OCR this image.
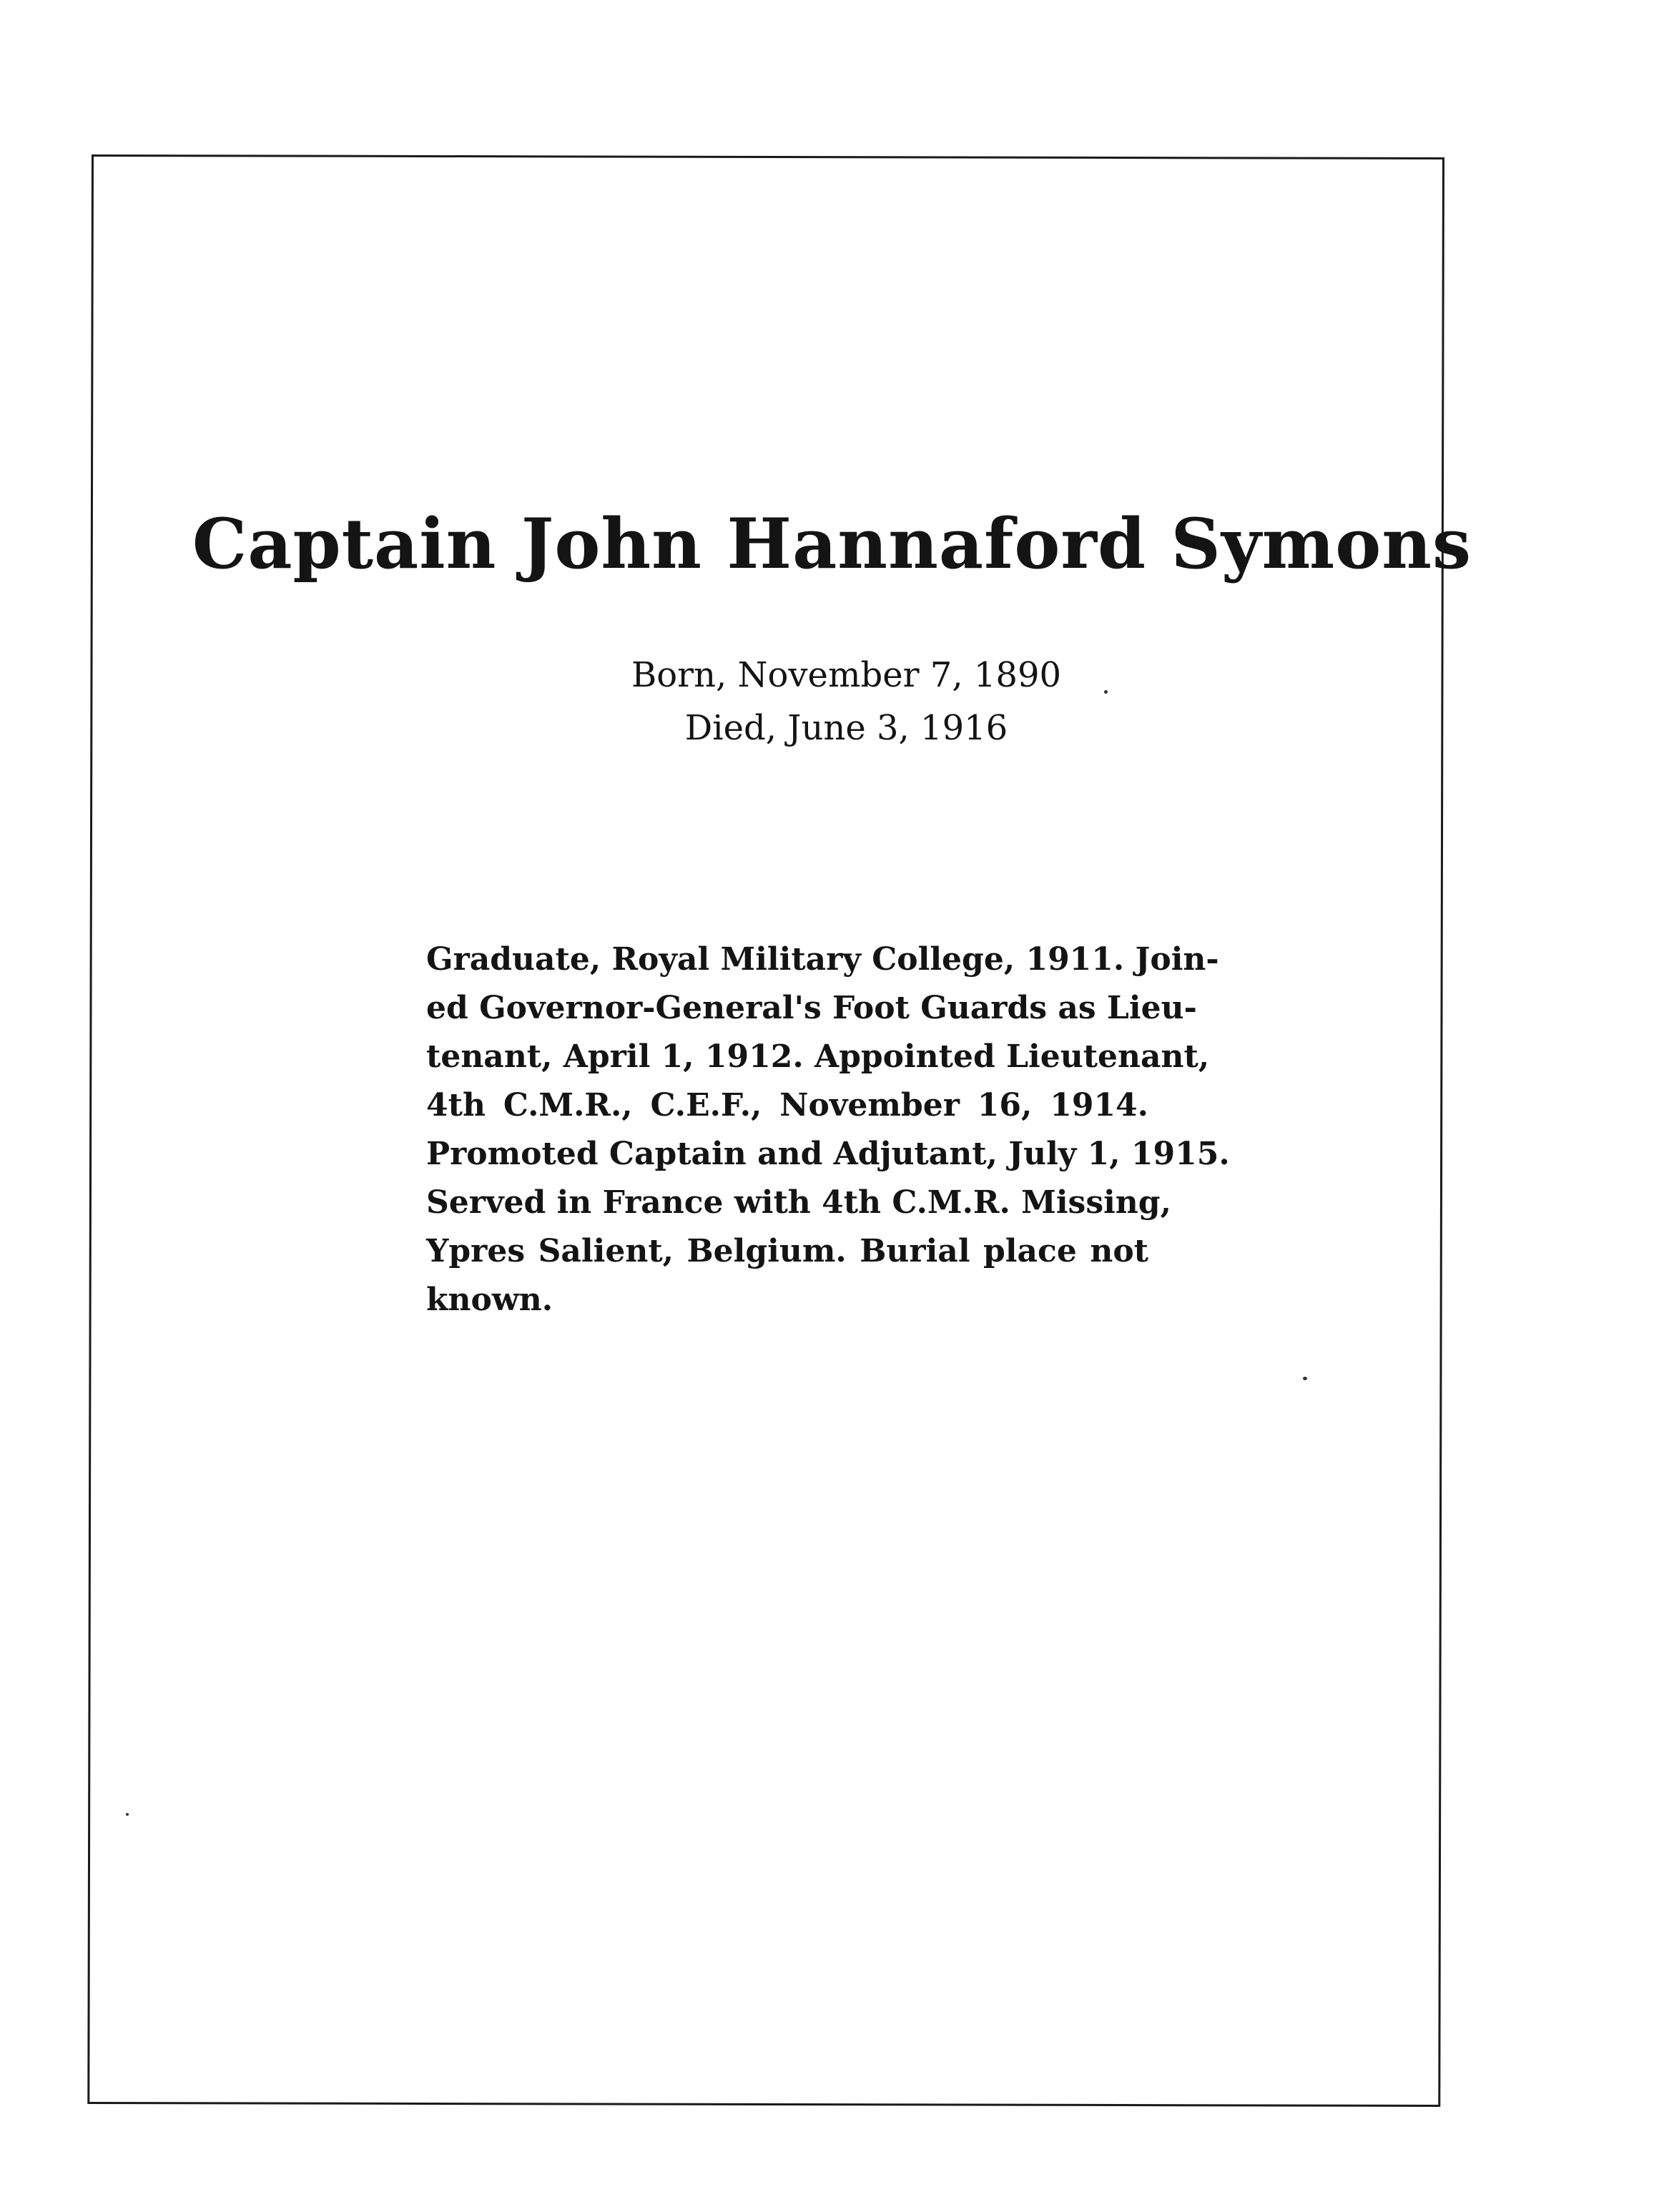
Captain John Hannaford Symons
Born, November 7, 1890
Died, June 3, 1916
Graduate, Royal Military College, 1911. Join-
ed Governor-General's Foot Guards as Lieu-
tenant, April 1, 1912. Appointed Lieutenant,
4th C.M.R., C.E.F., November 16, 1914.
Promoted Captain and Adjutant, July 1, 1915.
Served in France with 4th C.M.R. Missing,
Ypres Salient, Belgium. Burial place not
known.
